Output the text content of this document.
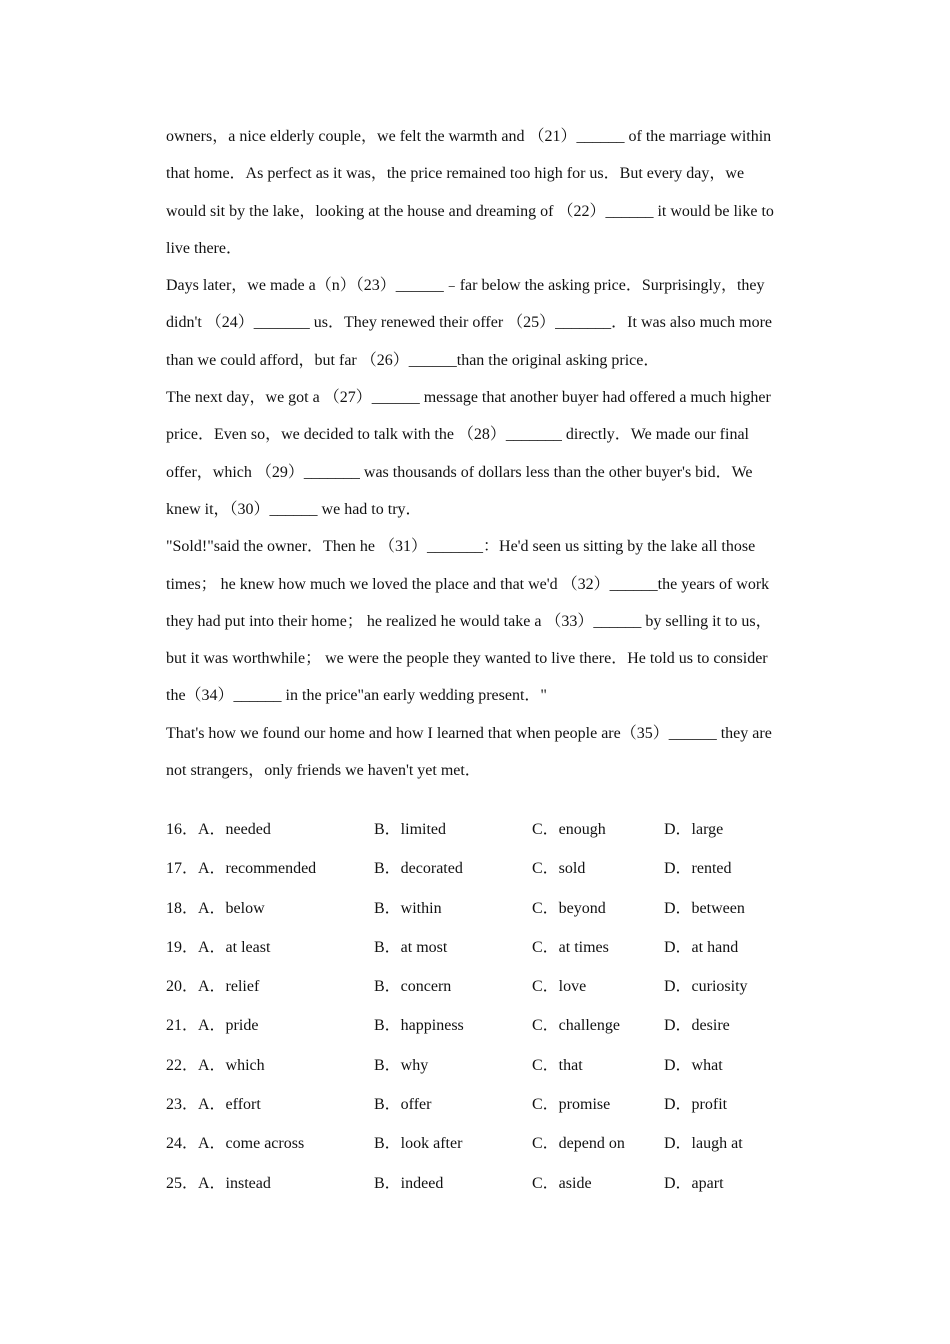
owners，a nice elderly couple，we felt the warmth and （21）______ of the marriage within

that home．As perfect as it was，the price remained too high for us．But every day，we

would sit by the lake，looking at the house and dreaming of （22）______ it would be like to

live there．

Days later，we made a（n）（23）______﹣far below the asking price．Surprisingly，they

didn't （24）_______ us．They renewed their offer （25）_______．It was also much more

than we could afford，but far （26）______than the original asking price．

The next day，we got a （27）______ message that another buyer had offered a much higher

price．Even so，we decided to talk with the （28）_______ directly．We made our final

offer，which （29）_______ was thousands of dollars less than the other buyer's bid．We

knew it，（30）______ we had to try．

"Sold!"said the owner．Then he （31）_______：He'd seen us sitting by the lake all those

times； he knew how much we loved the place and that we'd （32）______the years of work

they had put into their home； he realized he would take a （33）______ by selling it to us，

but it was worthwhile； we were the people they wanted to live there．He told us to consider

the（34）______ in the price"an early wedding present．"

That's how we found our home and how I learned that when people are（35）______ they are

not strangers，only friends we haven't yet met．

16．A．needed	B．limited	C．enough	D．large
17．A．recommended	B．decorated	C．sold	D．rented
18．A．below	B．within	C．beyond	D．between
19．A．at least	B．at most	C．at times	D．at hand
20．A．relief	B．concern	C．love	D．curiosity
21．A．pride	B．happiness	C．challenge	D．desire
22．A．which	B．why	C．that	D．what
23．A．effort	B．offer	C．promise	D．profit
24．A．come across	B．look after	C．depend on D．laugh at
25．A．instead	B．indeed	C．aside	D．apart
